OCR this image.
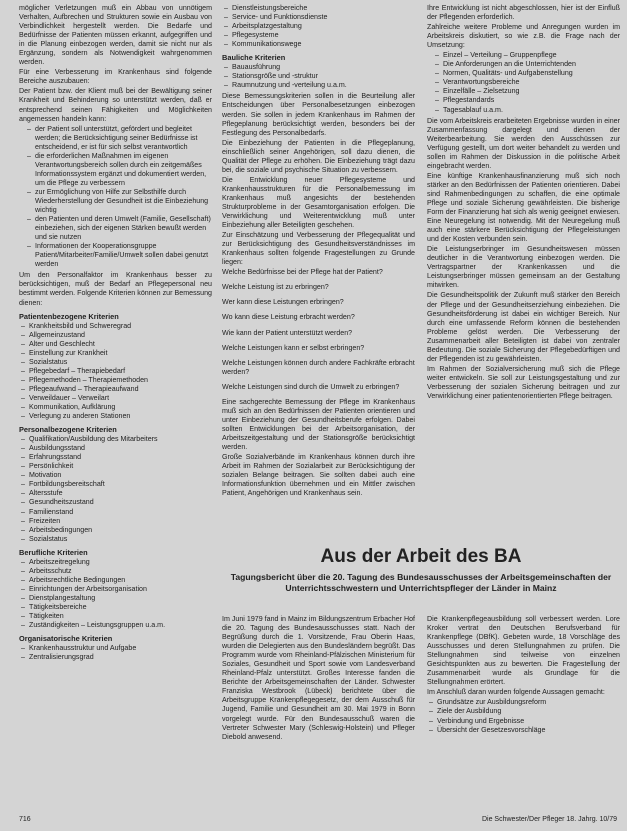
möglicher Verletzungen muß ein Abbau von unnötigem Verhalten, Aufbrechen und Strukturen sowie ein Ausbau von Verbindlichkeit hergestellt werden. Die Bedarfe und Bedürfnisse der Patienten müssen erkannt, aufgegriffen und in die Planung einbezogen werden, damit sie nicht nur als Ergänzung, sondern als Notwendigkeit wahrgenommen werden.

Für eine Verbesserung im Krankenhaus sind folgende Bereiche auszubauen:

Der Patient bzw. der Klient muß bei der Bewältigung seiner Krankheit und Behinderung so unterstützt werden, daß er entsprechend seinen Fähigkeiten und Möglichkeiten angemessen handeln kann:

– der Patient soll unterstützt, gefördert und begleitet werden; die Berücksichtigung seiner Bedürfnisse ist entscheidend, er ist für sich selbst verantwortlich
– die erforderlichen Maßnahmen im eigenen Verantwortungsbereich sollen durch ein zeitgemäßes Informationssystem ergänzt und dokumentiert werden, um die Pflege zu verbessern
– zur Ermöglichung von Hilfe zur Selbsthilfe durch Wiederherstellung der Gesundheit ist die Einbeziehung wichtig
– den Patienten und deren Umwelt (Familie, Gesellschaft) einbeziehen, sich der eigenen Stärken bewußt werden und sie nutzen
– Informationen der Kooperationsgruppe Patient/Mitarbeiter/Familie/Umwelt sollen dabei genutzt werden

Um den Personalfaktor im Krankenhaus besser zu berücksichtigen, muß der Bedarf an Pflegepersonal neu bestimmt werden. Folgende Kriterien können zur Bemessung dienen:

Patientenbezogene Kriterien
– Krankheitsbild und Schweregrad
– Allgemeinzustand
– Alter und Geschlecht
– Einstellung zur Krankheit
– Sozialstatus
– Pflegebedarf – Therapiebedarf
– Pflegemethoden – Therapiemethoden
– Pflegeaufwand – Therapieaufwand
– Verweildauer – Verweilart
– Kommunikation, Aufklärung
– Verlegung zu anderen Stationen
Personalbezogene Kriterien
– Qualifikation/Ausbildung des Mitarbeiters
– Ausbildungsstand
– Erfahrungsstand
– Persönlichkeit
– Motivation
– Fortbildungsbereitschaft
– Altersstufe
– Gesundheitszustand
– Familienstand
– Freizeiten
– Arbeitsbedingungen
– Sozialstatus
Berufliche Kriterien
– Arbeitszeitregelung
– Arbeitsschutz
– Arbeitsrechtliche Bedingungen
– Einrichtungen der Arbeitsorganisation
– Dienstplangestaltung
– Tätigkeitsbereiche
– Tätigkeiten
– Zuständigkeiten – Leistungsgruppen u.a.m.
Organisatorische Kriterien
– Krankenhausstruktur und Aufgabe
– Zentralisierungsgrad
– Dienstleistungsbereiche
– Service- und Funktionsdienste
– Arbeitsplatzgestaltung
– Pflegesysteme
– Kommunikationswege
Bauliche Kriterien
– Bauausführung
– Stationsgröße und -struktur
– Raumnutzung und -verteilung u.a.m.

Diese Bemessungskriterien sollen in die Beurteilung aller Entscheidungen über Personalbesetzungen einbezogen werden. Sie sollen in jedem Krankenhaus im Rahmen der Pflegeplanung berücksichtigt werden, besonders bei der Festlegung des Personalbedarfs.

Die Einbeziehung der Patienten in die Pflegeplanung, einschließlich seiner Angehörigen, soll dazu dienen, die Qualität der Pflege zu erhöhen. Die Einbeziehung trägt dazu bei, die soziale und psychische Situation zu verbessern.

Die Entwicklung neuer Pflegesysteme und Krankenhausstrukturen für die Personalbemessung im Krankenhaus muß angesichts der bestehenden Strukturprobleme in der Gesamtorganisation erfolgen. Die Verwirklichung und Weiterentwicklung muß unter Einbeziehung aller Beteiligten geschehen.

Zur Einschätzung und Verbesserung der Pflegequalität und zur Berücksichtigung des Gesundheitsverständnisses im Krankenhaus sollten folgende Fragestellungen zu Grunde liegen:

Welche Bedürfnisse bei der Pflege hat der Patient?
Welche Leistung ist zu erbringen?
Wer kann diese Leistungen erbringen?
Wo kann diese Leistung erbracht werden?
Wie kann der Patient unterstützt werden?
Welche Leistungen kann er selbst erbringen?
Welche Leistungen können durch andere Fachkräfte erbracht werden?
Welche Leistungen sind durch die Umwelt zu erbringen?

Eine sachgerechte Bemessung der Pflege im Krankenhaus muß sich an den Bedürfnissen der Patienten orientieren und unter Einbeziehung der Gesundheitsberufe erfolgen. Dabei sollten Entwicklungen bei der Arbeitsorganisation, der Arbeitszeitgestaltung und der Stationsgröße berücksichtigt werden.

Große Sozialverbände im Krankenhaus können durch ihre Arbeit im Rahmen der Sozialarbeit zur Berücksichtigung der sozialen Belange beitragen. Sie sollten dabei auch eine Informationsfunktion übernehmen und ein Mittler zwischen Patient, Angehörigen und Krankenhaus sein.

Ihre Entwicklung ist nicht abgeschlossen, hier ist der Einfluß der Pflegenden erforderlich.

Zahlreiche weitere Probleme und Anregungen wurden im Arbeitskreis diskutiert, so wie z.B. die Frage nach der Umsetzung:

– Einzel – Verteilung – Gruppenpflege
– Die Anforderungen an die Unterrichtenden
– Normen, Qualitäts- und Aufgabenstellung
– Verantwortungsbereiche
– Einzelfälle – Zielsetzung
– Pflegestandards
– Tagesablauf u.a.m.

Die vom Arbeitskreis erarbeiteten Ergebnisse wurden in einer Zusammenfassung dargelegt und dienen der Weiterbearbeitung. Sie werden den Ausschüssen zur Verfügung gestellt, um dort weiter behandelt zu werden und sollen im Rahmen der Diskussion in die politische Arbeit eingebracht werden.

Eine künftige Krankenhausfinanzierung muß sich noch stärker an den Bedürfnissen der Patienten orientieren. Dabei sind Rahmenbedingungen zu schaffen, die eine optimale Pflege und soziale Sicherung gewährleisten. Die bisherige Form der Finanzierung hat sich als wenig geeignet erwiesen. Eine Neuregelung ist notwendig. Mit der Neuregelung muß auch eine stärkere Berücksichtigung der Pflegeleistungen und der Kosten verbunden sein.

Die Leistungserbringer im Gesundheitswesen müssen deutlicher in die Verantwortung einbezogen werden. Die Vertragspartner der Krankenkassen und die Leistungserbringer müssen gemeinsam an der Gestaltung mitwirken.

Die Gesundheitspolitik der Zukunft muß stärker den Bereich der Pflege und der Gesundheitserziehung einbeziehen. Die Gesundheitsförderung ist dabei ein wichtiger Bereich. Nur durch eine umfassende Reform können die bestehenden Probleme gelöst werden. Die Verbesserung der Zusammenarbeit aller Beteiligten ist dabei von zentraler Bedeutung. Die soziale Sicherung der Pflegebedürftigen und der Pflegenden ist zu gewährleisten.

Im Rahmen der Sozialversicherung muß sich die Pflege weiter entwickeln. Sie soll zur Leistungsgestaltung und zur Verbesserung der sozialen Sicherung beitragen und zur Verwirklichung einer patientenorientierten Pflege beitragen.

Aus der Arbeit des BA

Tagungsbericht über die 20. Tagung des Bundesausschusses der Arbeitsgemeinschaften der Unterrichtsschwestern und Unterrichtspfleger der Länder in Mainz

Im Juni 1979 fand in Mainz im Bildungszentrum Erbacher Hof die 20. Tagung des Bundesausschusses statt. Nach der Begrüßung durch die 1. Vorsitzende, Frau Oberin Haas, wurden die Delegierten aus den Bundesländern begrüßt. Das Programm wurde vom Rheinland-Pfälzischen Ministerium für Soziales, Gesundheit und Sport sowie vom Landesverband Rheinland-Pfalz unterstützt. Großes Interesse fanden die Berichte der Arbeitsgemeinschaften der Länder. Schwester Franziska Westbrook (Lübeck) berichtete über die Arbeitsgruppe Krankenpflegegesetz, der dem Ausschuß für Jugend, Familie und Gesundheit am 30. Mai 1979 in Bonn vorgelegt wurde. Für den Bundesausschuß waren die Vertreter Schwester Mary (Schleswig-Holstein) und Pfleger Diebold anwesend.

Die Krankenpflegeausbildung soll verbessert werden. Lore Kroker vertrat den Deutschen Berufsverband für Krankenpflege (DBfK). Gebeten wurde, 18 Vorschläge des Ausschusses und deren Stellungnahmen zu prüfen. Die Stellungnahmen sind teilweise von einzelnen Gesichtspunkten aus zu bewerten. Die Fragestellung der Zusammenarbeit wurde als Grundlage für die Stellungnahmen erörtert.

Im Anschluß daran wurden folgende Aussagen gemacht:

– Grundsätze zur Ausbildungsreform
– Ziele der Ausbildung
– Verbindung und Ergebnisse
– Übersicht der Gesetzesvorschläge
716	Die Schwester/Der Pfleger 18. Jahrg. 10/79
